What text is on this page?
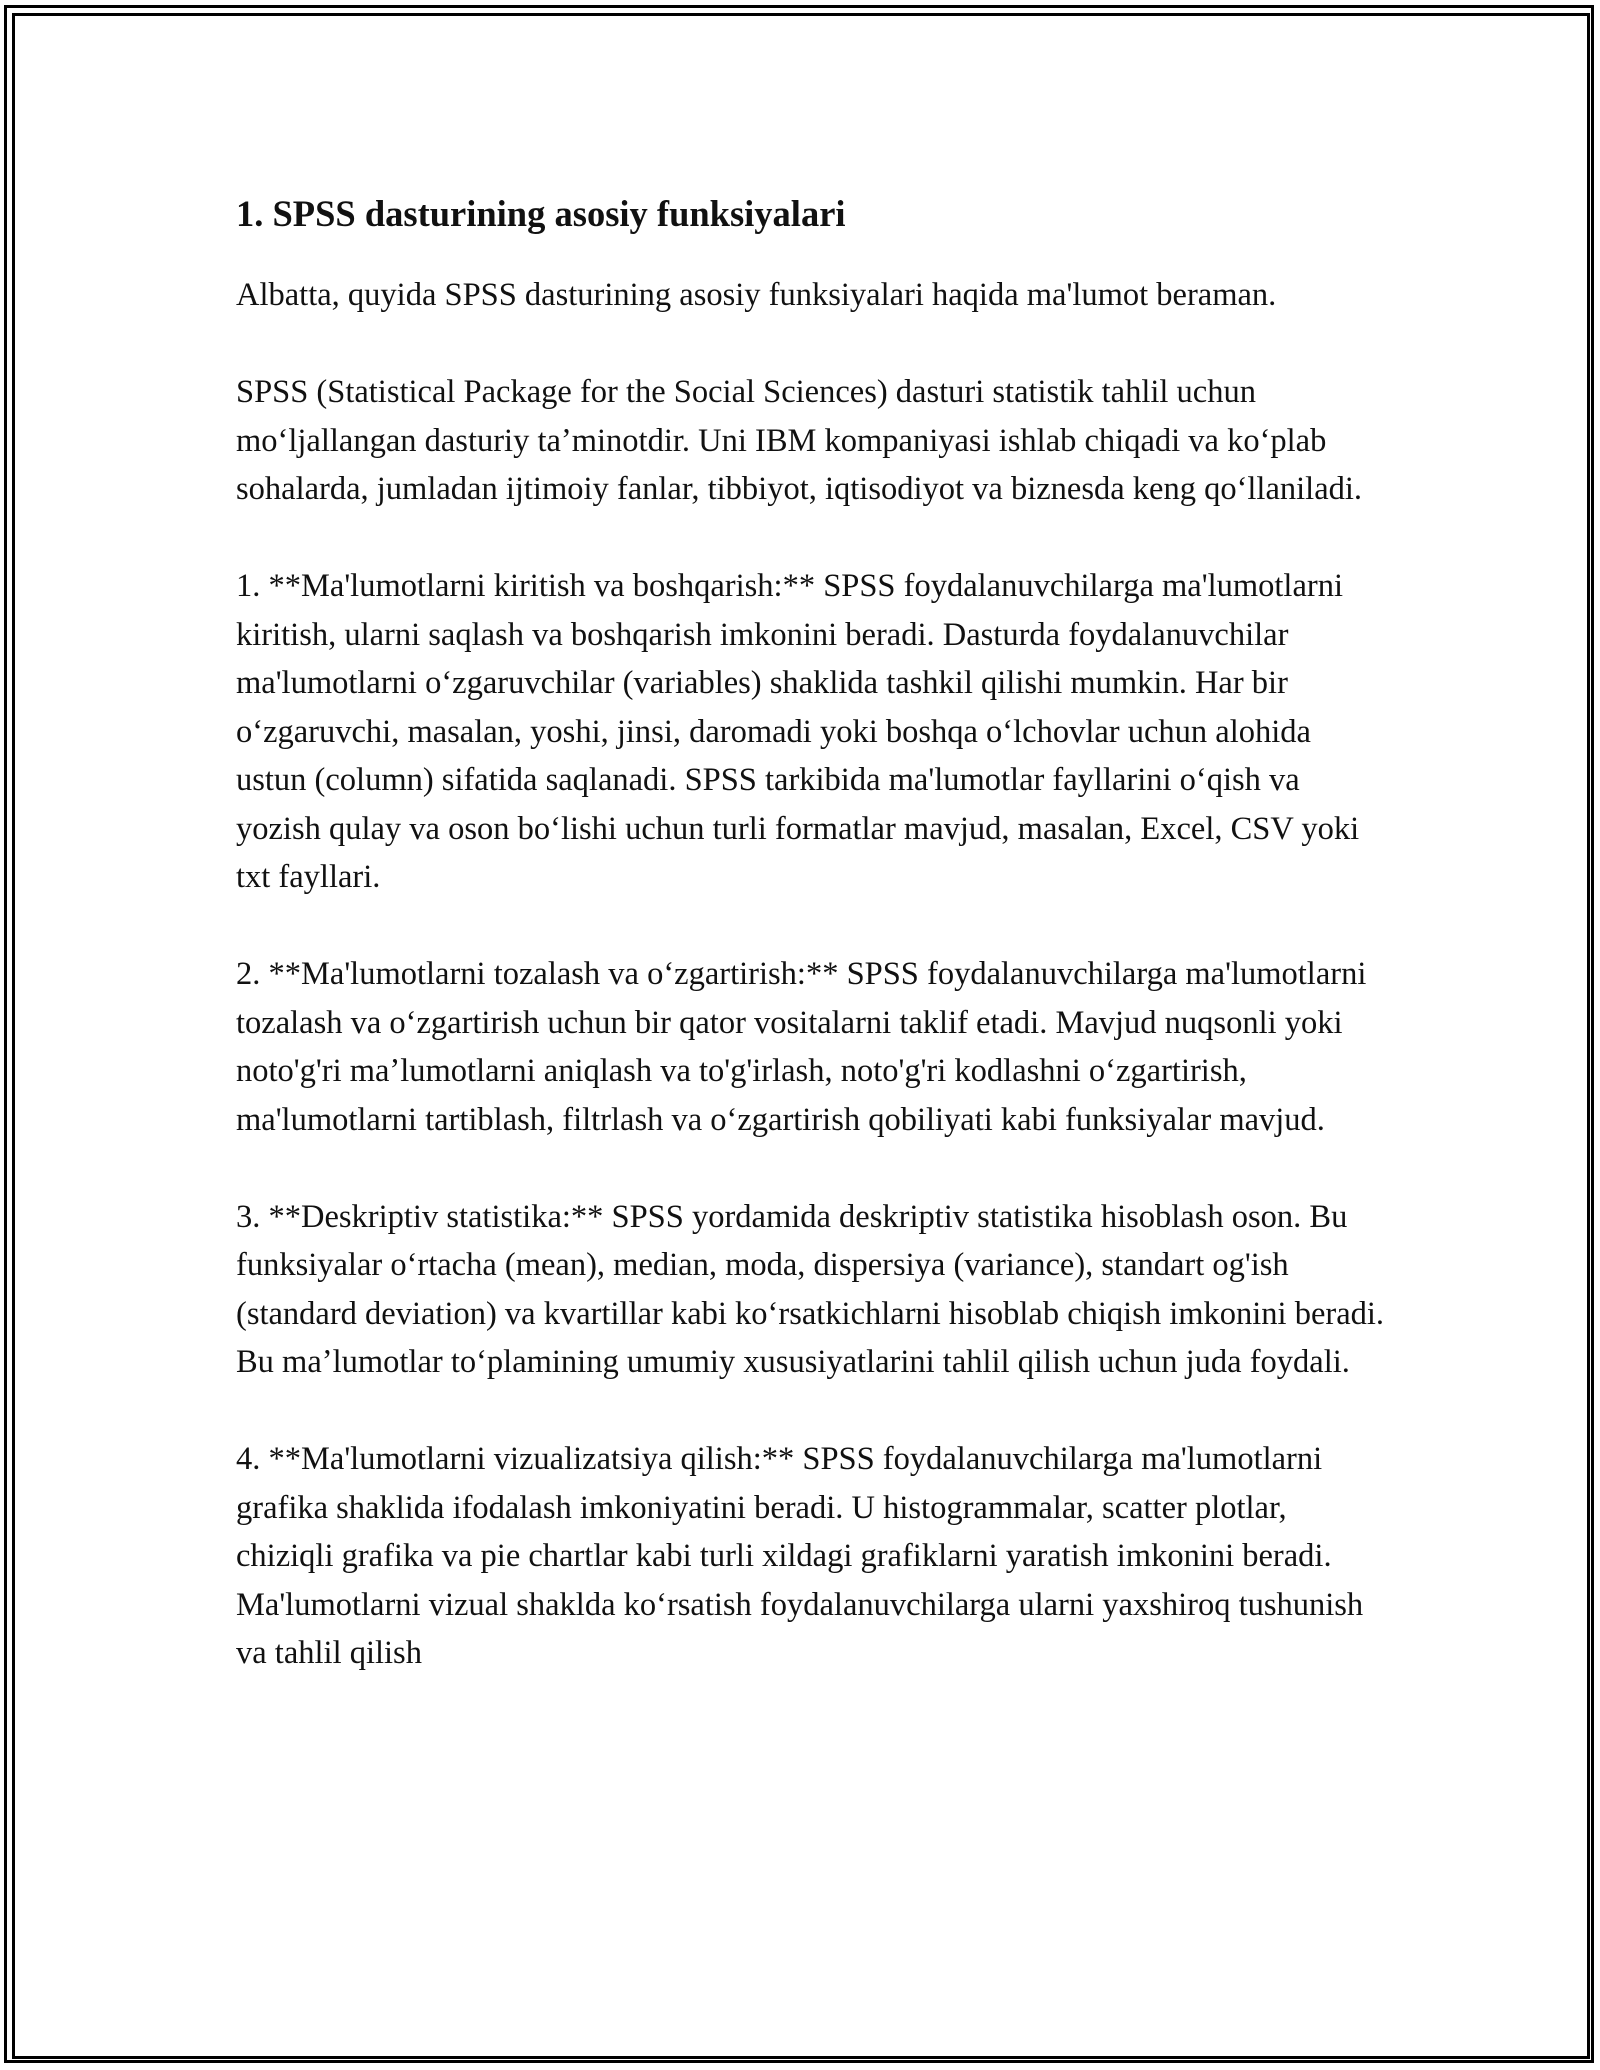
1. SPSS dasturining asosiy funksiyalari

Albatta, quyida SPSS dasturining asosiy funksiyalari haqida ma'lumot beraman.

SPSS (Statistical Package for the Social Sciences) dasturi statistik tahlil uchun moʻljallangan dasturiy taʼminotdir. Uni IBM kompaniyasi ishlab chiqadi va koʻplab sohalarda, jumladan ijtimoiy fanlar, tibbiyot, iqtisodiyot va biznesda keng qoʻllaniladi.

1. **Ma'lumotlarni kiritish va boshqarish:** SPSS foydalanuvchilarga ma'lumotlarni kiritish, ularni saqlash va boshqarish imkonini beradi. Dasturda foydalanuvchilar ma'lumotlarni oʻzgaruvchilar (variables) shaklida tashkil qilishi mumkin. Har bir oʻzgaruvchi, masalan, yoshi, jinsi, daromadi yoki boshqa oʻlchovlar uchun alohida ustun (column) sifatida saqlanadi. SPSS tarkibida ma'lumotlar fayllarini oʻqish va yozish qulay va oson boʻlishi uchun turli formatlar mavjud, masalan, Excel, CSV yoki txt fayllari.

2. **Ma'lumotlarni tozalash va oʻzgartirish:** SPSS foydalanuvchilarga ma'lumotlarni tozalash va oʻzgartirish uchun bir qator vositalarni taklif etadi. Mavjud nuqsonli yoki noto'g'ri maʼlumotlarni aniqlash va to'g'irlash, noto'g'ri kodlashni oʻzgartirish, ma'lumotlarni tartiblash, filtrlash va oʻzgartirish qobiliyati kabi funksiyalar mavjud.

3. **Deskriptiv statistika:** SPSS yordamida deskriptiv statistika hisoblash oson. Bu funksiyalar oʻrtacha (mean), median, moda, dispersiya (variance), standart og'ish (standard deviation) va kvartillar kabi koʻrsatkichlarni hisoblab chiqish imkonini beradi. Bu maʼlumotlar toʻplamining umumiy xususiyatlarini tahlil qilish uchun juda foydali.

4. **Ma'lumotlarni vizualizatsiya qilish:** SPSS foydalanuvchilarga ma'lumotlarni grafika shaklida ifodalash imkoniyatini beradi. U histogrammalar, scatter plotlar, chiziqli grafika va pie chartlar kabi turli xildagi grafiklarni yaratish imkonini beradi. Ma'lumotlarni vizual shaklda koʻrsatish foydalanuvchilarga ularni yaxshiroq tushunish va tahlil qilish
